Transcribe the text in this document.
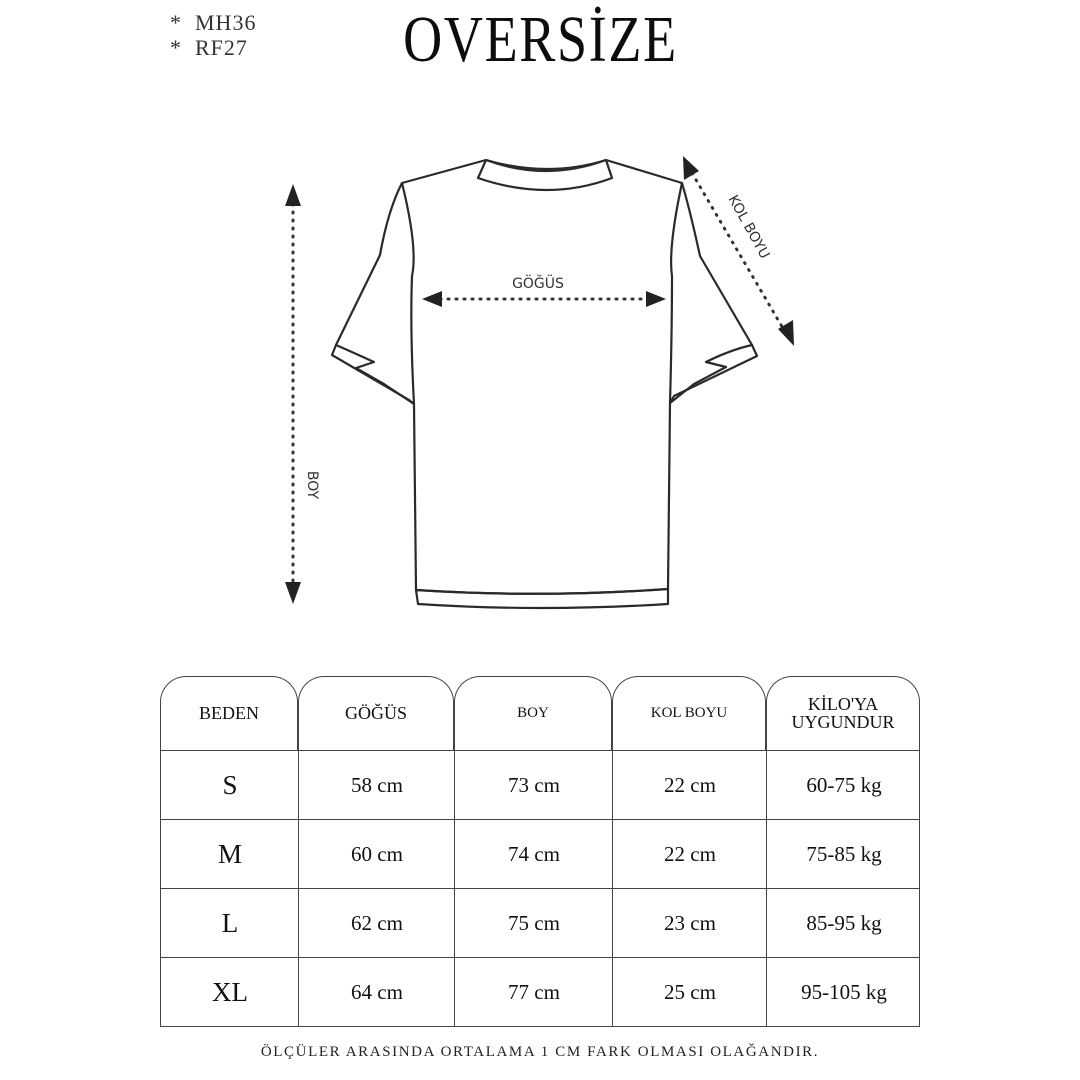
*  MH36
*  RF27	OVERSİZE
BOY
GÖĞÜS
KOL BOYU
BEDEN	GÖĞÜS	BOY	KOL BOYU	KİLO'YA
UYGUNDUR
S	58 cm	73 cm	22 cm	60-75 kg
M	60 cm	74 cm	22 cm	75-85 kg
L	62 cm	75 cm	23 cm	85-95 kg
XL	64 cm	77 cm	25 cm	95-105 kg
ÖLÇÜLER ARASINDA ORTALAMA 1 CM FARK OLMASI OLAĞANDIR.
